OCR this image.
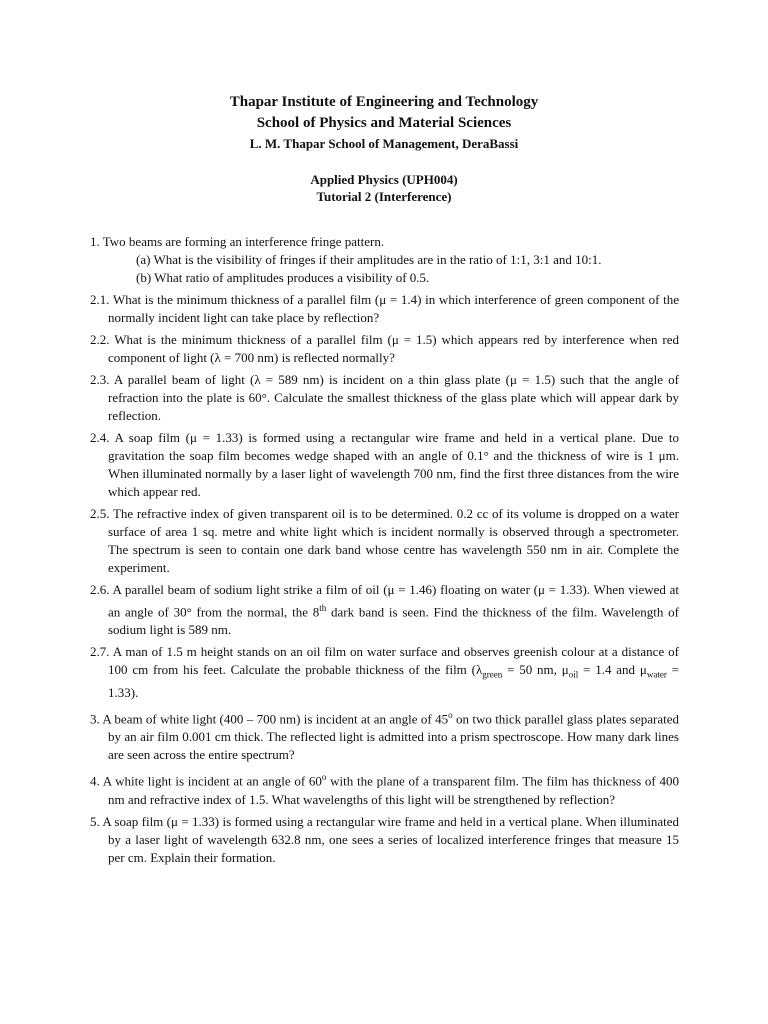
Thapar Institute of Engineering and Technology
School of Physics and Material Sciences
L. M. Thapar School of Management, DeraBassi
Applied Physics (UPH004)
Tutorial 2 (Interference)

1. Two beams are forming an interference fringe pattern.

(a) What is the visibility of fringes if their amplitudes are in the ratio of 1:1, 3:1 and 10:1.

(b) What ratio of amplitudes produces a visibility of 0.5.

2.1. What is the minimum thickness of a parallel film (μ = 1.4) in which interference of green component of the normally incident light can take place by reflection?
2.2. What is the minimum thickness of a parallel film (μ = 1.5) which appears red by interference when red component of light (λ = 700 nm) is reflected normally?
2.3. A parallel beam of light (λ = 589 nm) is incident on a thin glass plate (μ = 1.5) such that the angle of refraction into the plate is 60°. Calculate the smallest thickness of the glass plate which will appear dark by reflection.
2.4. A soap film (μ = 1.33) is formed using a rectangular wire frame and held in a vertical plane. Due to gravitation the soap film becomes wedge shaped with an angle of 0.1° and the thickness of wire is 1 μm. When illuminated normally by a laser light of wavelength 700 nm, find the first three distances from the wire which appear red.
2.5. The refractive index of given transparent oil is to be determined. 0.2 cc of its volume is dropped on a water surface of area 1 sq. metre and white light which is incident normally is observed through a spectrometer. The spectrum is seen to contain one dark band whose centre has wavelength 550 nm in air. Complete the experiment.
2.6. A parallel beam of sodium light strike a film of oil (μ = 1.46) floating on water (μ = 1.33). When viewed at an angle of 30° from the normal, the 8th dark band is seen. Find the thickness of the film. Wavelength of sodium light is 589 nm.
2.7. A man of 1.5 m height stands on an oil film on water surface and observes greenish colour at a distance of 100 cm from his feet. Calculate the probable thickness of the film ($\lambda_{green} = 50$ nm, $\mu_{oil} = 1.4$ and $\mu_{water} = 1.33$).
3. A beam of white light (400 – 700 nm) is incident at an angle of 45$^o$ on two thick parallel glass plates separated by an air film 0.001 cm thick. The reflected light is admitted into a prism spectroscope. How many dark lines are seen across the entire spectrum?
4. A white light is incident at an angle of 60$^o$ with the plane of a transparent film. The film has thickness of 400 nm and refractive index of 1.5. What wavelengths of this light will be strengthened by reflection?
5. A soap film (μ = 1.33) is formed using a rectangular wire frame and held in a vertical plane. When illuminated by a laser light of wavelength 632.8 nm, one sees a series of localized interference fringes that measure 15 per cm. Explain their formation.
